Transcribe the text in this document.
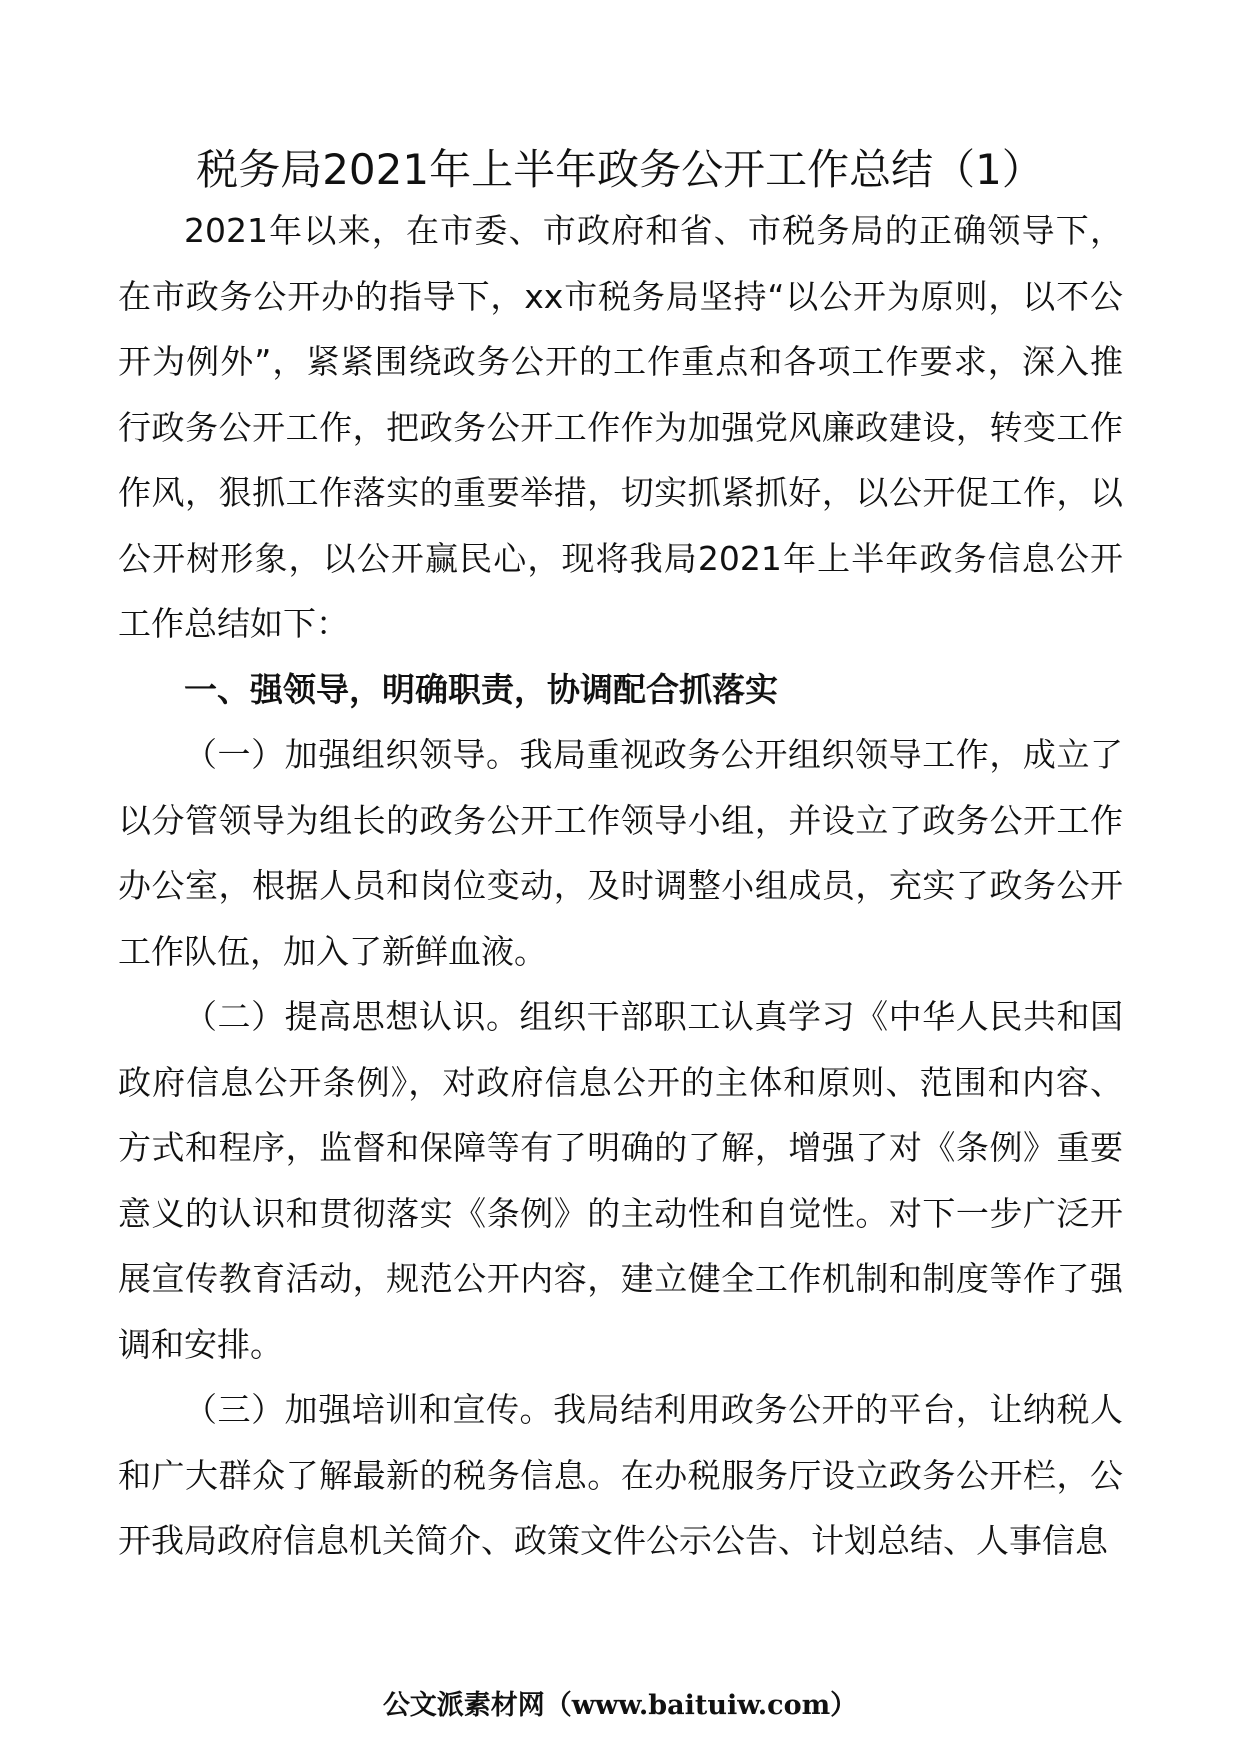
税务局2021年上半年政务公开工作总结（1）

2021年以来，在市委、市政府和省、市税务局的正确领导下，在市政务公开办的指导下，xx市税务局坚持“以公开为原则，以不公开为例外”，紧紧围绕政务公开的工作重点和各项工作要求，深入推行政务公开工作，把政务公开工作作为加强党风廉政建设，转变工作作风，狠抓工作落实的重要举措，切实抓紧抓好，以公开促工作，以公开树形象，以公开赢民心，现将我局2021年上半年政务信息公开工作总结如下：

一、强领导，明确职责，协调配合抓落实

（一）加强组织领导。我局重视政务公开组织领导工作，成立了以分管领导为组长的政务公开工作领导小组，并设立了政务公开工作办公室，根据人员和岗位变动，及时调整小组成员，充实了政务公开工作队伍，加入了新鲜血液。

（二）提高思想认识。组织干部职工认真学习《中华人民共和国政府信息公开条例》，对政府信息公开的主体和原则、范围和内容、方式和程序，监督和保障等有了明确的了解，增强了对《条例》重要意义的认识和贯彻落实《条例》的主动性和自觉性。对下一步广泛开展宣传教育活动，规范公开内容，建立健全工作机制和制度等作了强调和安排。

（三）加强培训和宣传。我局结利用政务公开的平台，让纳税人和广大群众了解最新的税务信息。在办税服务厅设立政务公开栏，公开我局政府信息机关简介、政策文件公示公告、计划总结、人事信息

公文派素材网（www.baituiw.com）
